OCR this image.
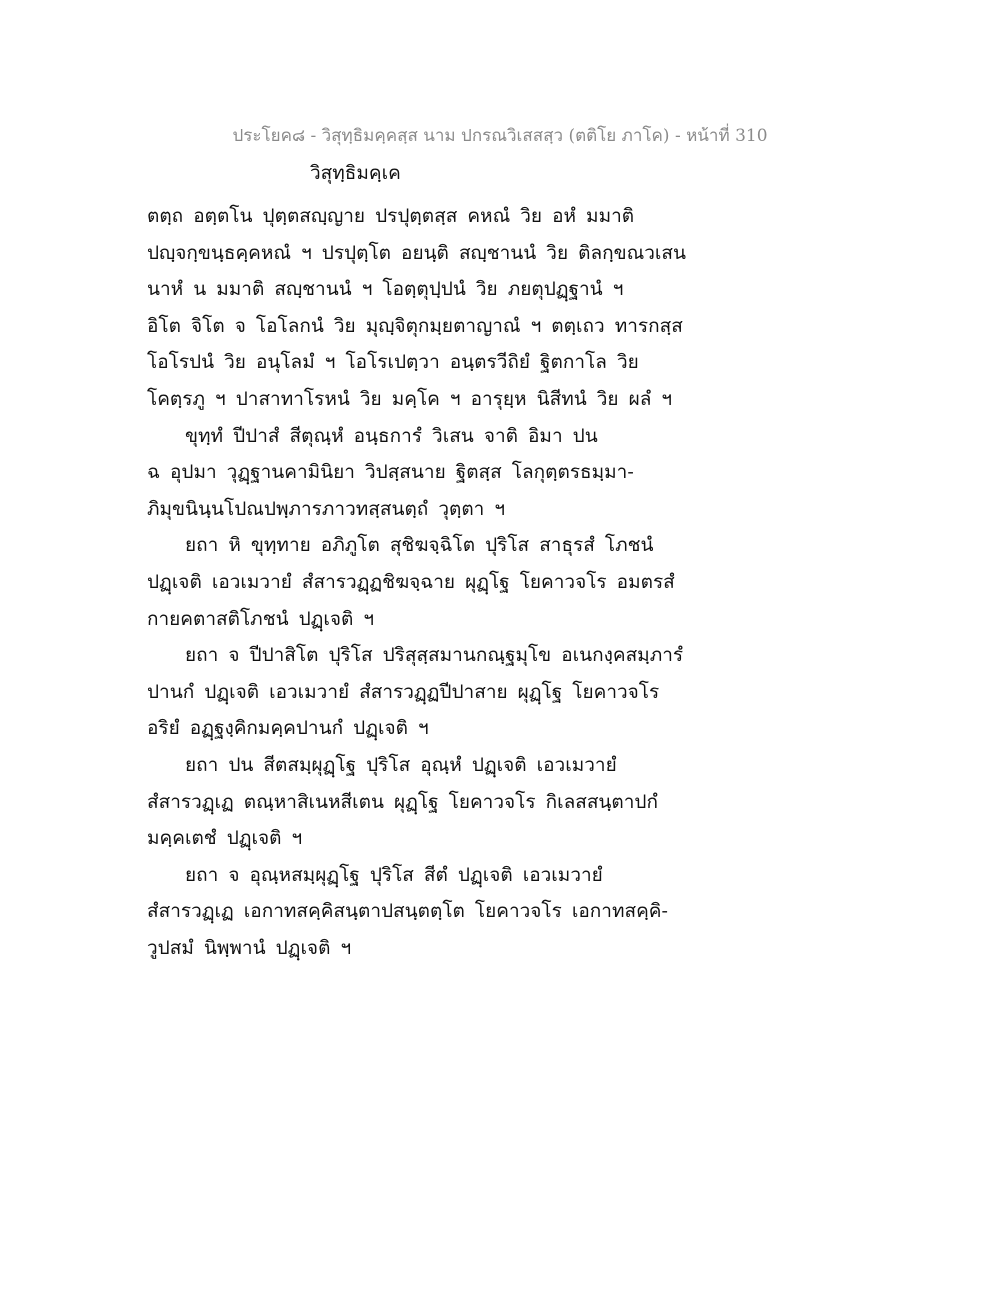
ประโยค๘ - วิสุทฺธิมคฺคสฺส นาม ปกรณวิเสสสฺว (ตติโย ภาโค) - หน้าที่ 310
วิสุทฺธิมคฺเค
ตตฺถ อตฺตโน ปุตฺตสญฺญาย ปรปุตฺตสฺส คหณํ วิย อหํ มมาติ
ปญฺจกฺขนฺธคฺคหณํ ฯ ปรปุตฺโต อยนฺติ สญฺชานนํ วิย ติลกฺขณวเสน
นาหํ น มมาติ สญฺชานนํ ฯ โอตฺตุปฺปนํ วิย ภยตุปฏฺฐานํ ฯ
อิโต จิโต จ โอโลกนํ วิย มุญฺจิตุกมฺยตาญาณํ ฯ ตตฺเถว ทารกสฺส
โอโรปนํ วิย อนุโลมํ ฯ โอโรเปตฺวา อนฺตรวีถิยํ ฐิตกาโล วิย
โคตฺรภู ฯ ปาสาทาโรหนํ วิย มคฺโค ฯ อารุยฺห นิสีทนํ วิย ผลํ ฯ
ขุทฺทํ ปีปาสํ สีตุณฺหํ อนฺธการํ วิเสน จาติ อิมา ปน
ฉ อุปมา วุฏฺฐานคามินิยา วิปสฺสนาย ฐิตสฺส โลกุตฺตรธมฺมา-
ภิมุขนินฺนโปณปพฺภารภาวทสฺสนตฺถํ วุตฺตา ฯ
ยถา หิ ขุทฺทาย อภิภูโต สุชิฆจฺฉิโต ปุริโส สาธุรสํ โภชนํ
ปฏฺเจติ เอวเมวายํ สํสารวฏฺฏชิฆจฺฉาย ผุฏฺโฐ โยคาวจโร อมตรสํ
กายคตาสติโภชนํ ปฏฺเจติ ฯ
ยถา จ ปีปาสิโต ปุริโส ปริสุสฺสมานกณฺฐมุโข อเนกงฺคสมฺภารํ
ปานกํ ปฏฺเจติ เอวเมวายํ สํสารวฏฺฏปีปาสาย ผุฏฺโฐ โยคาวจโร
อริยํ อฏฺฐงฺคิกมคฺคปานกํ ปฏฺเจติ ฯ
ยถา ปน สีตสมฺผุฏฺโฐ ปุริโส อุณฺหํ ปฏฺเจติ เอวเมวายํ
สํสารวฏฺเฏ ตณฺหาสิเนหสีเตน ผุฏฺโฐ โยคาวจโร กิเลสสนฺตาปกํ
มคฺคเตชํ ปฏฺเจติ ฯ
ยถา จ อุณฺหสมฺผุฏฺโฐ ปุริโส สีตํ ปฏฺเจติ เอวเมวายํ
สํสารวฏฺเฏ เอกาทสคฺคิสนฺตาปสนฺตตฺโต โยคาวจโร เอกาทสคฺคิ-
วูปสมํ นิพฺพานํ ปฏฺเจติ ฯ
